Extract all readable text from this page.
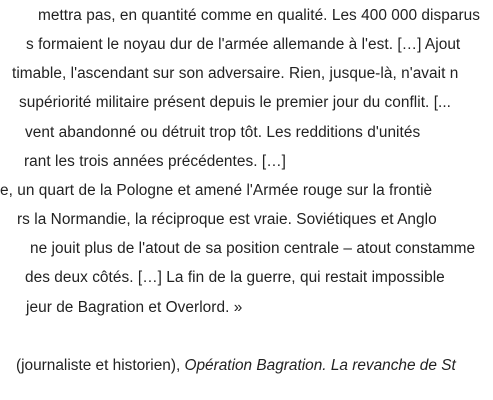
mettra pas, en quantité comme en qualité. Les 400 000 disparus
s formaient le noyau dur de l'armée allemande à l'est. […] Ajout
timable, l'ascendant sur son adversaire. Rien, jusque-là, n'avait n
supériorité militaire présent depuis le premier jour du conflit. [...
vent abandonné ou détruit trop tôt. Les redditions d'unités
rant les trois années précédentes. […]
e, un quart de la Pologne et amené l'Armée rouge sur la frontiè
rs la Normandie, la réciproque est vraie. Soviétiques et Anglo
ne jouit plus de l'atout de sa position centrale – atout constamme
des deux côtés. […] La fin de la guerre, qui restait impossible
jeur de Bagration et Overlord. »
(journaliste et historien), Opération Bagration. La revanche de St
